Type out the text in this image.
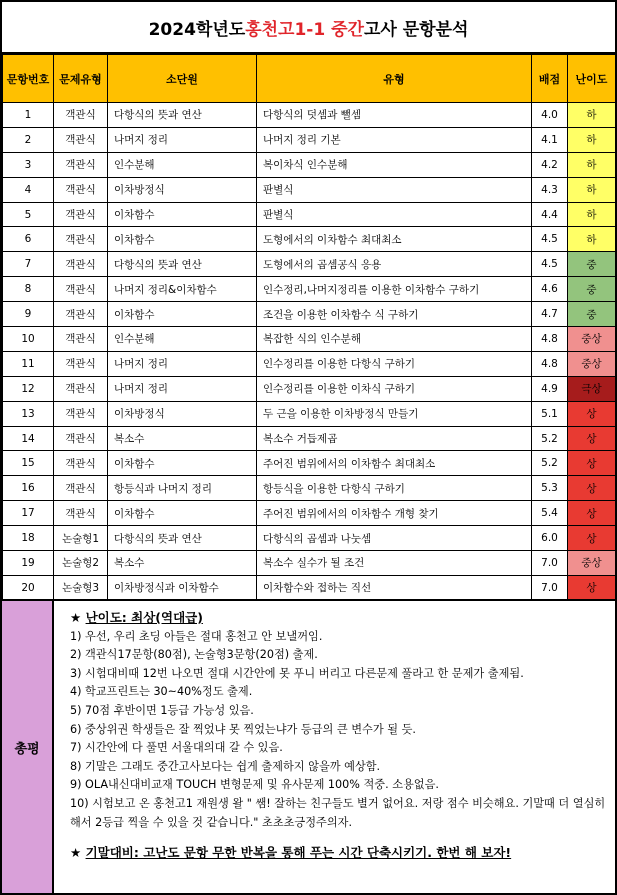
2024학년도 홍천고1-1 중간 고사 문항분석
문항번호	문제유형	소단원	유형	배점	난이도
1	객관식	다항식의 뜻과 연산	다항식의 덧셈과 뺄셈	4.0	하
2	객관식	나머지 정리	나머지 정리 기본	4.1	하
3	객관식	인수분해	복이차식 인수분해	4.2	하
4	객관식	이차방정식	판별식	4.3	하
5	객관식	이차함수	판별식	4.4	하
6	객관식	이차함수	도형에서의 이차함수 최대최소	4.5	하
7	객관식	다항식의 뜻과 연산	도형에서의 곱셈공식 응용	4.5	중
8	객관식	나머지 정리&이차함수	인수정리,나머지정리를 이용한 이차함수 구하기	4.6	중
9	객관식	이차함수	조건을 이용한 이차함수 식 구하기	4.7	중
10	객관식	인수분해	복잡한 식의 인수분해	4.8	중상
11	객관식	나머지 정리	인수정리를 이용한 다항식 구하기	4.8	중상
12	객관식	나머지 정리	인수정리를 이용한 이차식 구하기	4.9	극상
13	객관식	이차방정식	두 근을 이용한 이차방정식 만들기	5.1	상
14	객관식	복소수	복소수 거듭제곱	5.2	상
15	객관식	이차함수	주어진 범위에서의 이차함수 최대최소	5.2	상
16	객관식	항등식과 나머지 정리	항등식을 이용한 다항식 구하기	5.3	상
17	객관식	이차함수	주어진 범위에서의 이차함수 개형 찾기	5.4	상
18	논술형1	다항식의 뜻과 연산	다항식의 곱셈과 나눗셈	6.0	상
19	논술형2	복소수	복소수 실수가 될 조건	7.0	중상
20	논술형3	이차방정식과 이차함수	이차함수와 접하는 직선	7.0	상
총평
★ 난이도: 최상(역대급)
1) 우선, 우리 초딩 아들은 절대 홍천고 안 보낼꺼임.
2) 객관식17문항(80점), 논술형3문항(20점) 출제.
3) 시험대비때 12번 나오면 절대 시간안에 못 푸니 버리고 다른문제 풀라고 한 문제가 출제됨.
4) 학교프린트는 30~40%정도 출제.
5) 70점 후반이면 1등급 가능성 있음.
6) 중상위권 학생들은 잘 찍었냐 못 찍었는냐가 등급의 큰 변수가 될 듯.
7) 시간안에 다 풀면 서울대의대 갈 수 있음.
8) 기말은 그래도 중간고사보다는 쉽게 출제하지 않을까 예상함.
9) OLA내신대비교재 TOUCH 변형문제 및 유사문제 100% 적중. 소용없음.
10) 시험보고 온 홍천고1 재원생 왈 " 쌤! 잘하는 친구들도 별거 없어요. 저랑 점수 비슷해요. 기말때 더 열심히해서 2등급 찍을 수 있을 것 같습니다." 초초초긍정주의자.
★ 기말대비: 고난도 문항 무한 반복을 통해 푸는 시간 단축시키기. 한번 해 보자!
